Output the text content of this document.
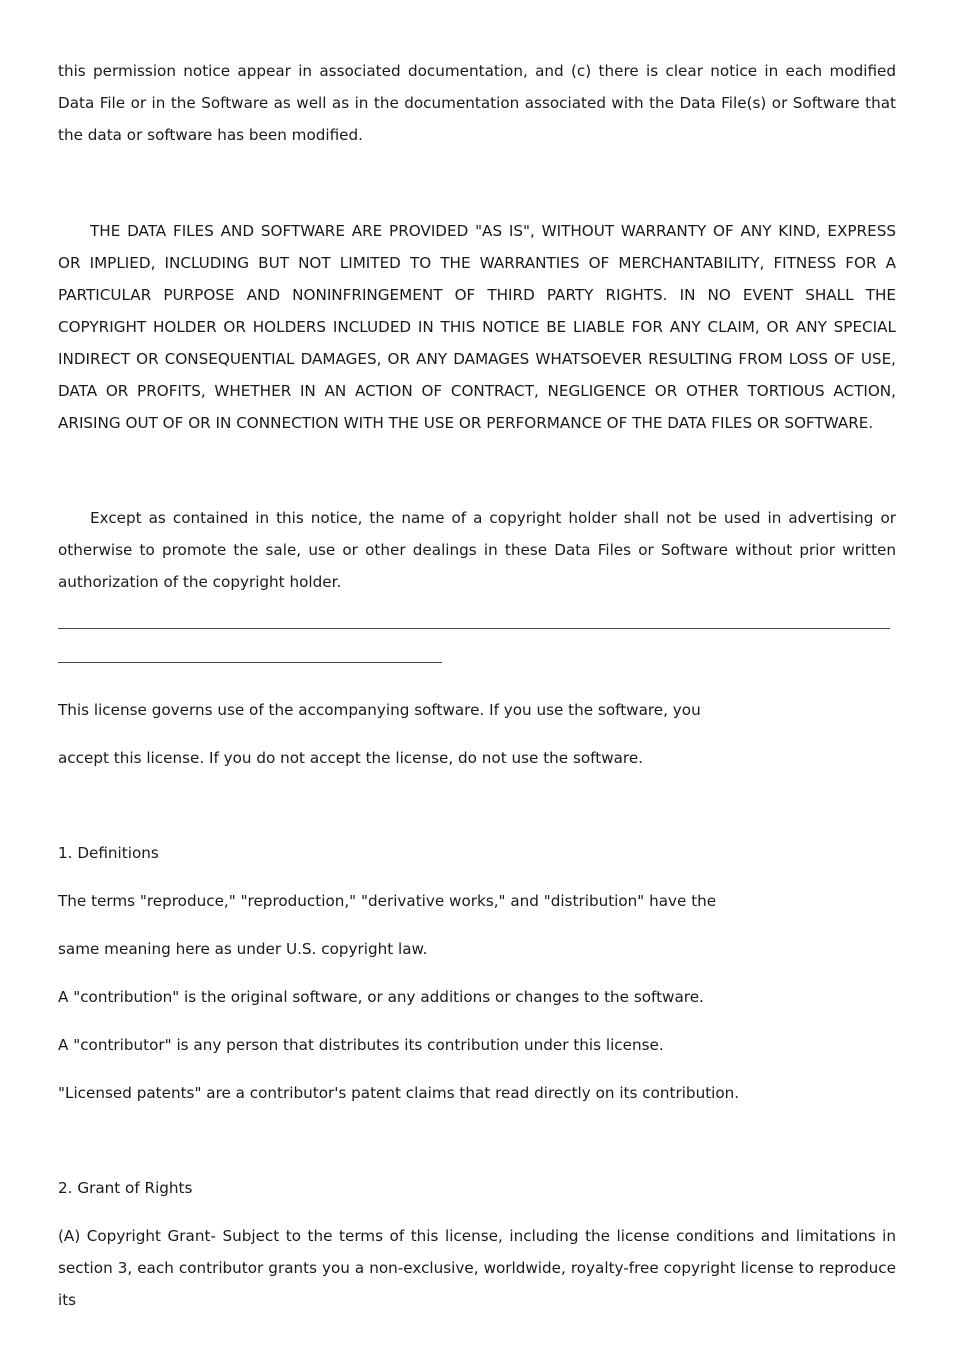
this permission notice appear in associated documentation, and (c) there is clear notice in each modified Data File or in the Software as well as in the documentation associated with the Data File(s) or Software that the data or software has been modified.

THE DATA FILES AND SOFTWARE ARE PROVIDED "AS IS", WITHOUT WARRANTY OF ANY KIND, EXPRESS OR IMPLIED, INCLUDING BUT NOT LIMITED TO THE WARRANTIES OF MERCHANTABILITY, FITNESS FOR A PARTICULAR PURPOSE AND NONINFRINGEMENT OF THIRD PARTY RIGHTS. IN NO EVENT SHALL THE COPYRIGHT HOLDER OR HOLDERS INCLUDED IN THIS NOTICE BE LIABLE FOR ANY CLAIM, OR ANY SPECIAL INDIRECT OR CONSEQUENTIAL DAMAGES, OR ANY DAMAGES WHATSOEVER RESULTING FROM LOSS OF USE, DATA OR PROFITS, WHETHER IN AN ACTION OF CONTRACT, NEGLIGENCE OR OTHER TORTIOUS ACTION, ARISING OUT OF OR IN CONNECTION WITH THE USE OR PERFORMANCE OF THE DATA FILES OR SOFTWARE.

Except as contained in this notice, the name of a copyright holder shall not be used in advertising or otherwise to promote the sale, use or other dealings in these Data Files or Software without prior written authorization of the copyright holder.

This license governs use of the accompanying software. If you use the software, you

accept this license. If you do not accept the license, do not use the software.

1. Definitions

The terms "reproduce," "reproduction," "derivative works," and "distribution" have the

same meaning here as under U.S. copyright law.

A "contribution" is the original software, or any additions or changes to the software.

A "contributor" is any person that distributes its contribution under this license.

"Licensed patents" are a contributor's patent claims that read directly on its contribution.

2. Grant of Rights

(A) Copyright Grant- Subject to the terms of this license, including the license conditions and limitations in section 3, each contributor grants you a non-exclusive, worldwide, royalty-free copyright license to reproduce its
